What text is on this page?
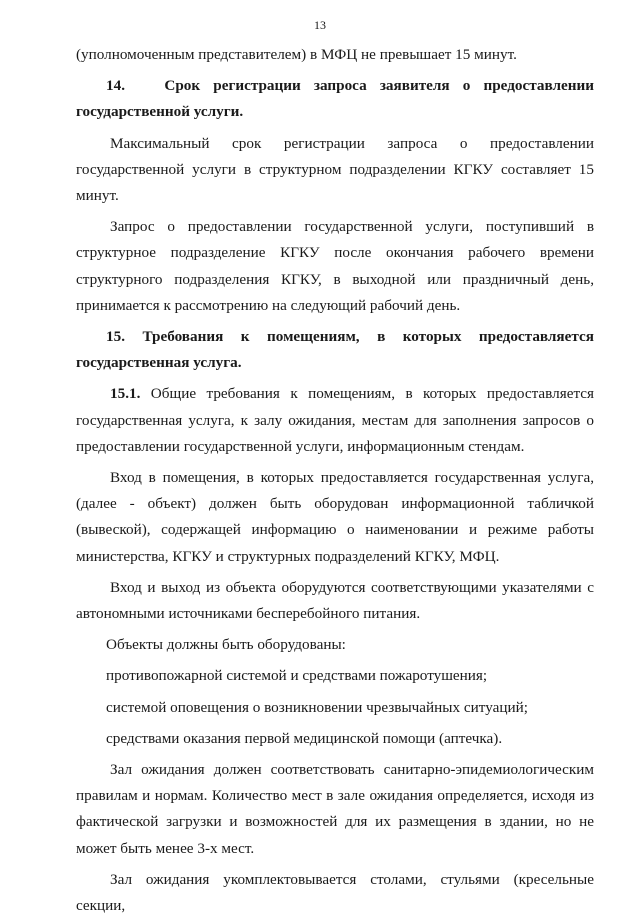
13

(уполномоченным представителем) в МФЦ не превышает 15 минут.

14.   Срок регистрации запроса заявителя о предоставлении государственной услуги.

Максимальный срок регистрации запроса о предоставлении государственной услуги в структурном подразделении КГКУ составляет 15 минут.

Запрос о предоставлении государственной услуги, поступивший в структурное подразделение КГКУ после окончания рабочего времени структурного подразделения КГКУ, в выходной или праздничный день, принимается к рассмотрению на следующий рабочий день.

15. Требования к помещениям, в которых предоставляется государственная услуга.

15.1. Общие требования к помещениям, в которых предоставляется государственная услуга, к залу ожидания, местам для заполнения запросов о предоставлении государственной услуги, информационным стендам.

Вход в помещения, в которых предоставляется государственная услуга, (далее - объект) должен быть оборудован информационной табличкой (вывеской), содержащей информацию о наименовании и режиме работы министерства, КГКУ и структурных подразделений КГКУ, МФЦ.

Вход и выход из объекта оборудуются соответствующими указателями с автономными источниками бесперебойного питания.

Объекты должны быть оборудованы:

противопожарной системой и средствами пожаротушения;

системой оповещения о возникновении чрезвычайных ситуаций;

средствами оказания первой медицинской помощи (аптечка).

Зал ожидания должен соответствовать санитарно-эпидемиологическим правилам и нормам. Количество мест в зале ожидания определяется, исходя из фактической загрузки и возможностей для их размещения в здании, но не может быть менее 3-х мест.

Зал ожидания укомплектовывается столами, стульями (кресельные секции,
